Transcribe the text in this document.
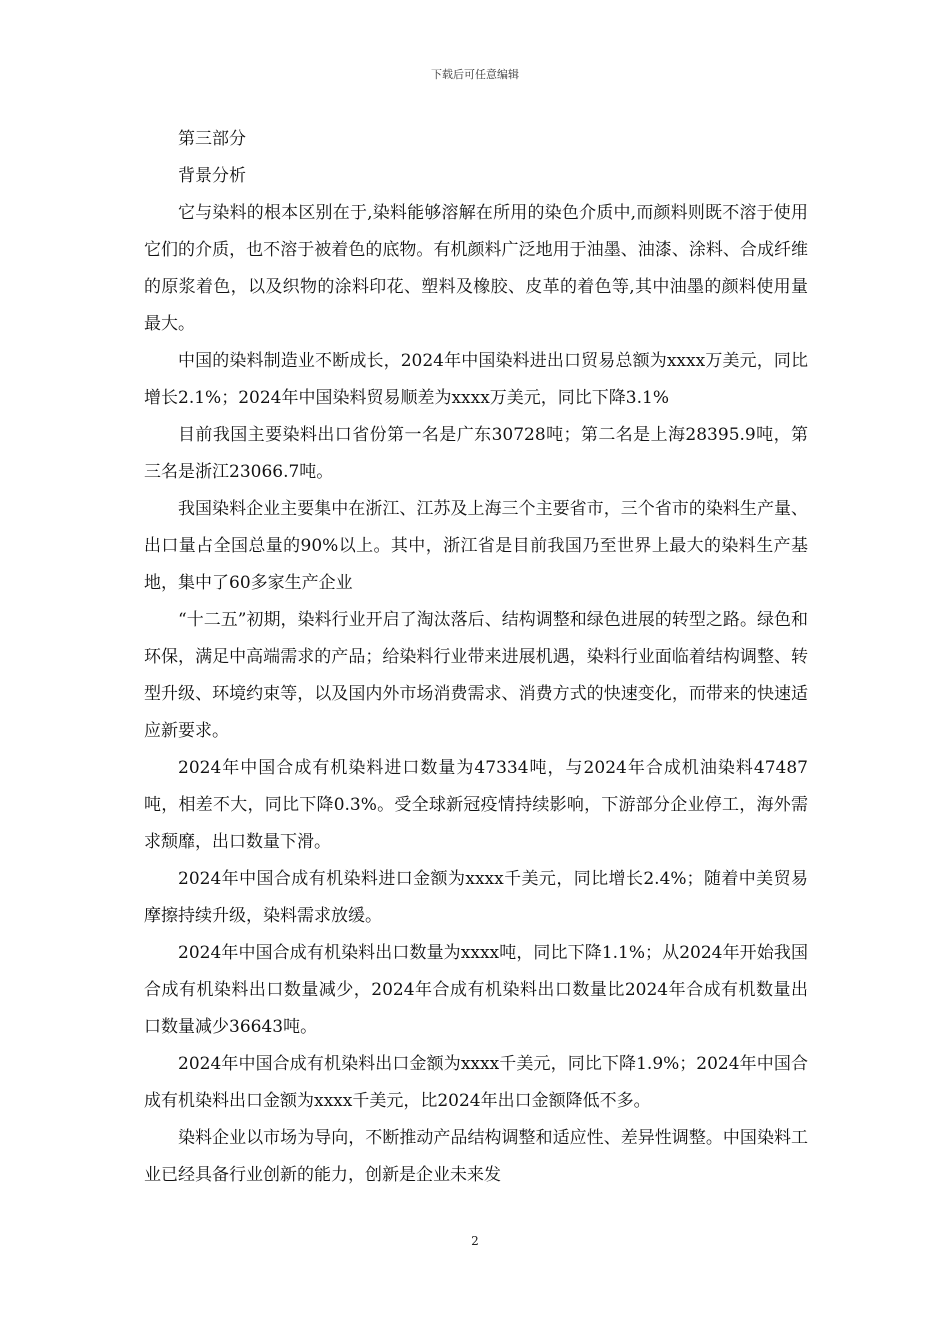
下载后可任意编辑
第三部分
背景分析

它与染料的根本区别在于,染料能够溶解在所用的染色介质中,而颜料则既不溶于使用它们的介质，也不溶于被着色的底物。有机颜料广泛地用于油墨、油漆、涂料、合成纤维的原浆着色，以及织物的涂料印花、塑料及橡胶、皮革的着色等,其中油墨的颜料使用量最大。

中国的染料制造业不断成长，2024年中国染料进出口贸易总额为xxxx万美元，同比增长2.1%；2024年中国染料贸易顺差为xxxx万美元，同比下降3.1%

目前我国主要染料出口省份第一名是广东30728吨；第二名是上海28395.9吨，第三名是浙江23066.7吨。

我国染料企业主要集中在浙江、江苏及上海三个主要省市，三个省市的染料生产量、出口量占全国总量的90%以上。其中，浙江省是目前我国乃至世界上最大的染料生产基地，集中了60多家生产企业

“十二五”初期，染料行业开启了淘汰落后、结构调整和绿色进展的转型之路。绿色和环保，满足中高端需求的产品；给染料行业带来进展机遇，染料行业面临着结构调整、转型升级、环境约束等，以及国内外市场消费需求、消费方式的快速变化，而带来的快速适应新要求。

2024年中国合成有机染料进口数量为47334吨，与2024年合成机油染料47487吨，相差不大，同比下降0.3%。受全球新冠疫情持续影响，下游部分企业停工，海外需求颓靡，出口数量下滑。

2024年中国合成有机染料进口金额为xxxx千美元，同比增长2.4%；随着中美贸易摩擦持续升级，染料需求放缓。

2024年中国合成有机染料出口数量为xxxx吨，同比下降1.1%；从2024年开始我国合成有机染料出口数量减少，2024年合成有机染料出口数量比2024年合成有机数量出口数量减少36643吨。

2024年中国合成有机染料出口金额为xxxx千美元，同比下降1.9%；2024年中国合成有机染料出口金额为xxxx千美元，比2024年出口金额降低不多。

染料企业以市场为导向，不断推动产品结构调整和适应性、差异性调整。中国染料工业已经具备行业创新的能力，创新是企业未来发

2
